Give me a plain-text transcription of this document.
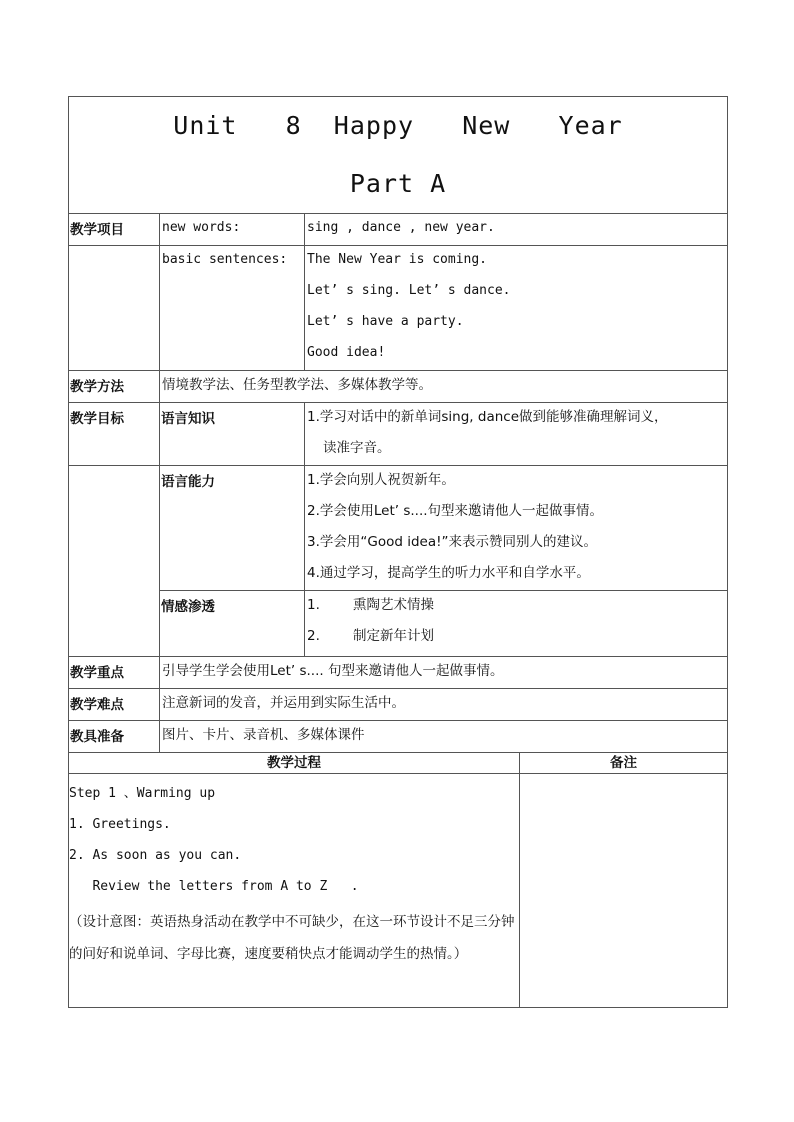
Unit   8  Happy   New   Year
Part A			

教学项目	new words:	sing , dance , new year.	

	basic sentences:	The New Year is coming.
Let’ s sing. Let’ s dance.
Let’ s have a party.
Good idea!	

教学方法	情境教学法、任务型教学法、多媒体教学等。		

教学目标	语言知识	1.学习对话中的新单词sing, dance做到能够准确理解词义，
读准字音。	

	语言能力	1.学会向别人祝贺新年。
2.学会使用Let’ s....句型来邀请他人一起做事情。
3.学会用“Good idea!”来表示赞同别人的建议。
4.通过学习，提高学生的听力水平和自学水平。	

	情感渗透	1. 熏陶艺术情操
2. 制定新年计划	

教学重点	引导学生学会使用Let’ s.... 句型来邀请他人一起做事情。		

教学难点	注意新词的发音，并运用到实际生活中。		

教具准备	图片、卡片、录音机、多媒体课件		

教学过程			备注

Step 1 、Warming up
1. Greetings.
2. As soon as you can.
Review the letters from A to Z   .
（设计意图：英语热身活动在教学中不可缺少，在这一环节设计不足三分钟的问好和说单词、字母比赛，速度要稍快点才能调动学生的热情。）			
